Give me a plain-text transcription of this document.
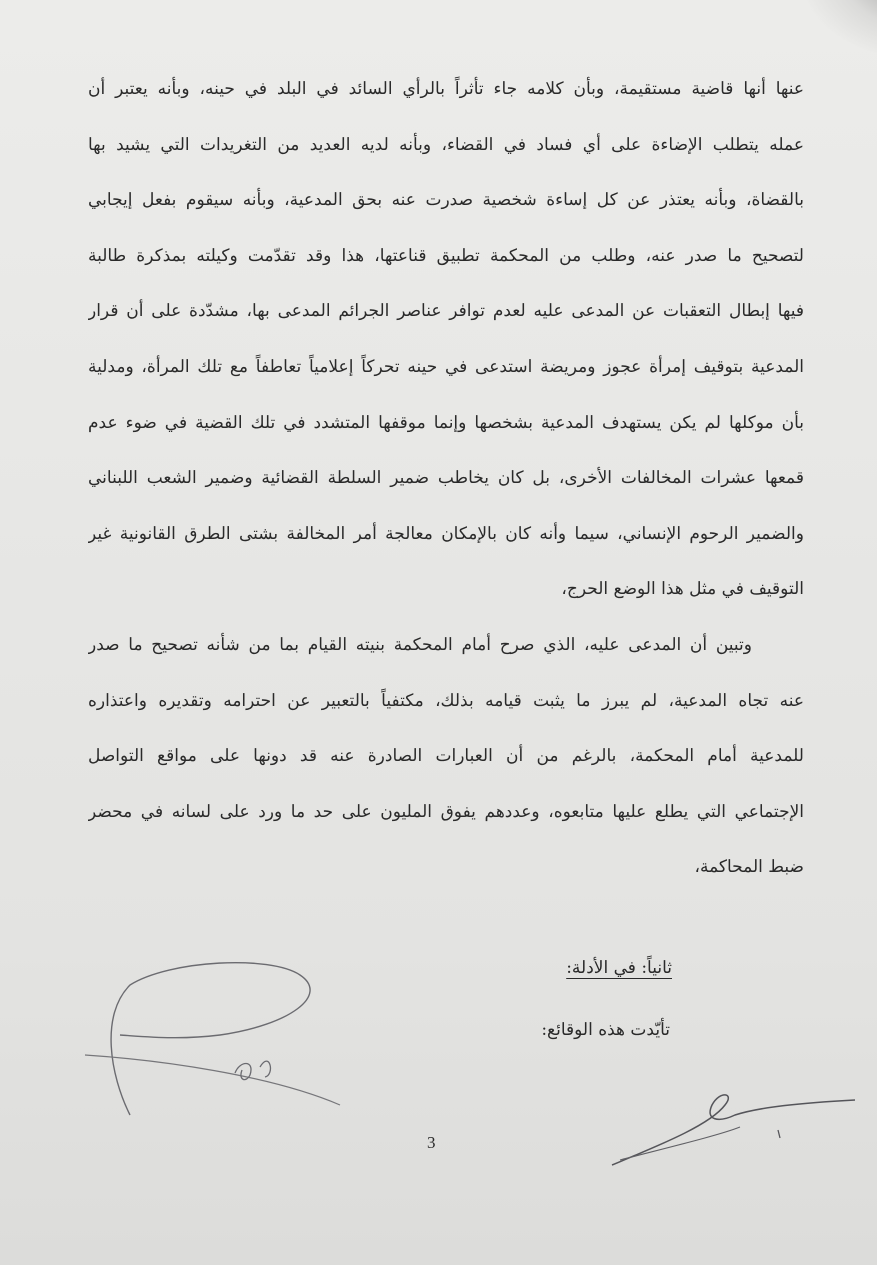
عنها أنها قاضية مستقيمة، وبأن كلامه جاء تأثراً بالرأي السائد في البلد في حينه، وبأنه يعتبر أن
عمله يتطلب الإضاءة على أي فساد في القضاء، وبأنه لديه العديد من التغريدات التي يشيد بها
بالقضاة، وبأنه يعتذر عن كل إساءة شخصية صدرت عنه بحق المدعية، وبأنه سيقوم بفعل إيجابي
لتصحيح ما صدر عنه، وطلب من المحكمة تطبيق قناعتها، هذا وقد تقدّمت وكيلته بمذكرة طالبة
فيها إبطال التعقبات عن المدعى عليه لعدم توافر عناصر الجرائم المدعى بها، مشدّدة على أن قرار
المدعية بتوقيف إمرأة عجوز ومريضة استدعى في حينه تحركاً إعلامياً تعاطفاً مع تلك المرأة، ومدلية
بأن موكلها لم يكن يستهدف المدعية بشخصها وإنما موقفها المتشدد في تلك القضية في ضوء عدم
قمعها عشرات المخالفات الأخرى، بل كان يخاطب ضمير السلطة القضائية وضمير الشعب اللبناني
والضمير الرحوم الإنساني، سيما وأنه كان بالإمكان معالجة أمر المخالفة بشتى الطرق القانونية غير
التوقيف في مثل هذا الوضع الحرج،
وتبين أن المدعى عليه، الذي صرح أمام المحكمة بنيته القيام بما من شأنه تصحيح ما صدر
عنه تجاه المدعية، لم يبرز ما يثبت قيامه بذلك، مكتفياً بالتعبير عن احترامه وتقديره واعتذاره
للمدعية أمام المحكمة، بالرغم من أن العبارات الصادرة عنه قد دونها على مواقع التواصل
الإجتماعي التي يطلع عليها متابعوه، وعددهم يفوق المليون على حد ما ورد على لسانه في محضر
ضبط المحاكمة،

ثانياً: في الأدلة:

تأيّدت هذه الوقائع:

3
